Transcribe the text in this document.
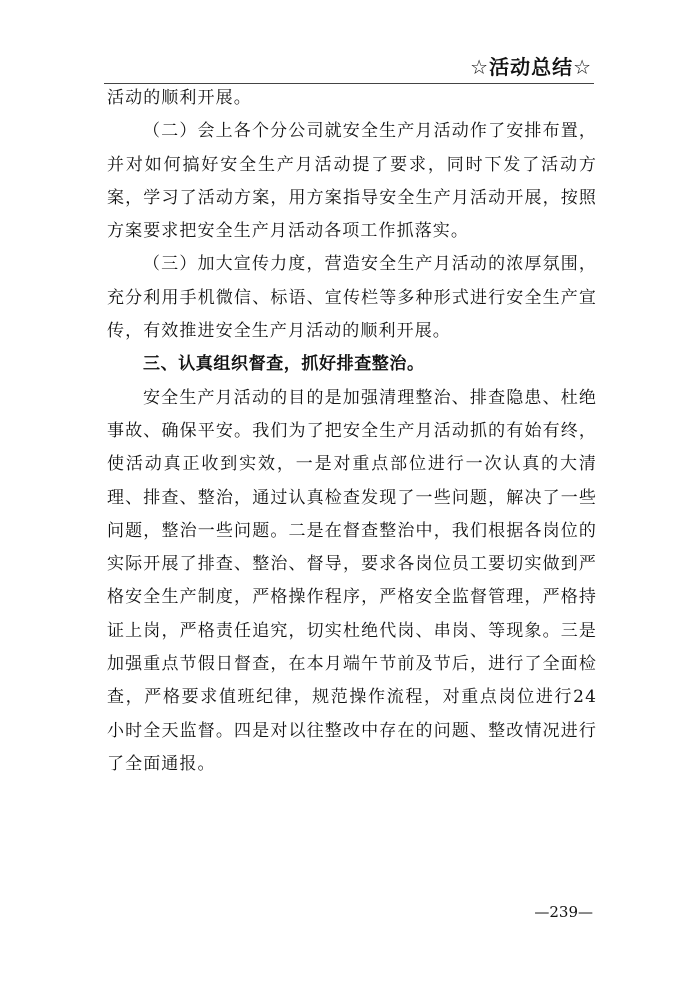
☆活动总结☆

活动的顺利开展。

（二）会上各个分公司就安全生产月活动作了安排布置，并对如何搞好安全生产月活动提了要求，同时下发了活动方案，学习了活动方案，用方案指导安全生产月活动开展，按照方案要求把安全生产月活动各项工作抓落实。

（三）加大宣传力度，营造安全生产月活动的浓厚氛围，充分利用手机微信、标语、宣传栏等多种形式进行安全生产宣传，有效推进安全生产月活动的顺利开展。

三、认真组织督查，抓好排查整治。

安全生产月活动的目的是加强清理整治、排查隐患、杜绝事故、确保平安。我们为了把安全生产月活动抓的有始有终，使活动真正收到实效，一是对重点部位进行一次认真的大清理、排查、整治，通过认真检查发现了一些问题，解决了一些问题，整治一些问题。二是在督查整治中，我们根据各岗位的实际开展了排查、整治、督导，要求各岗位员工要切实做到严格安全生产制度，严格操作程序，严格安全监督管理，严格持证上岗，严格责任追究，切实杜绝代岗、串岗、等现象。三是加强重点节假日督查，在本月端午节前及节后，进行了全面检查，严格要求值班纪律，规范操作流程，对重点岗位进行24小时全天监督。四是对以往整改中存在的问题、整改情况进行了全面通报。

—239—
